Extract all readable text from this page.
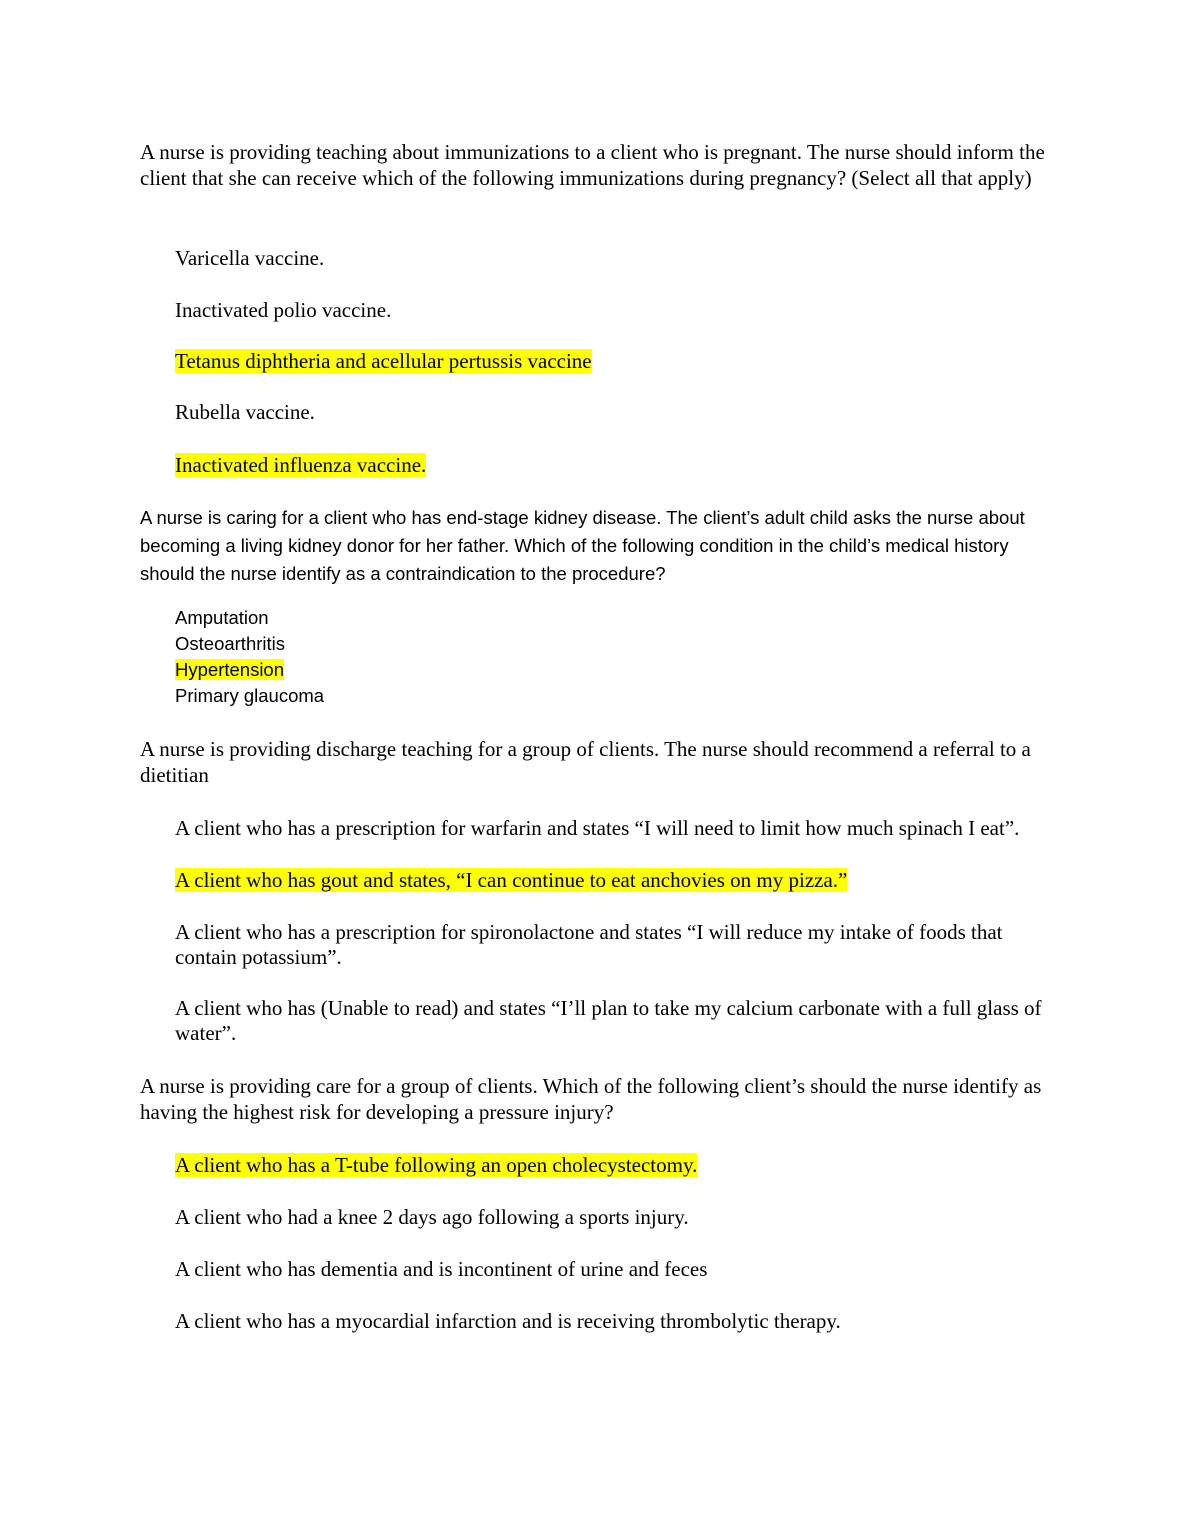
A nurse is providing teaching about immunizations to a client who is pregnant. The nurse should inform the client that she can receive which of the following immunizations during pregnancy? (Select all that apply)

Varicella vaccine.

Inactivated polio vaccine.

Tetanus diphtheria and acellular pertussis vaccine

Rubella vaccine.

Inactivated influenza vaccine.

A nurse is caring for a client who has end-stage kidney disease. The client’s adult child asks the nurse about becoming a living kidney donor for her father. Which of the following condition in the child’s medical history should the nurse identify as a contraindication to the procedure?

Amputation

Osteoarthritis

Hypertension

Primary glaucoma

A nurse is providing discharge teaching for a group of clients. The nurse should recommend a referral to a dietitian

A client who has a prescription for warfarin and states “I will need to limit how much spinach I eat”.

A client who has gout and states, “I can continue to eat anchovies on my pizza.”

A client who has a prescription for spironolactone and states “I will reduce my intake of foods that contain potassium”.

A client who has (Unable to read) and states “I’ll plan to take my calcium carbonate with a full glass of water”.

A nurse is providing care for a group of clients. Which of the following client’s should the nurse identify as having the highest risk for developing a pressure injury?

A client who has a T-tube following an open cholecystectomy.

A client who had a knee 2 days ago following a sports injury.

A client who has dementia and is incontinent of urine and feces

A client who has a myocardial infarction and is receiving thrombolytic therapy.
